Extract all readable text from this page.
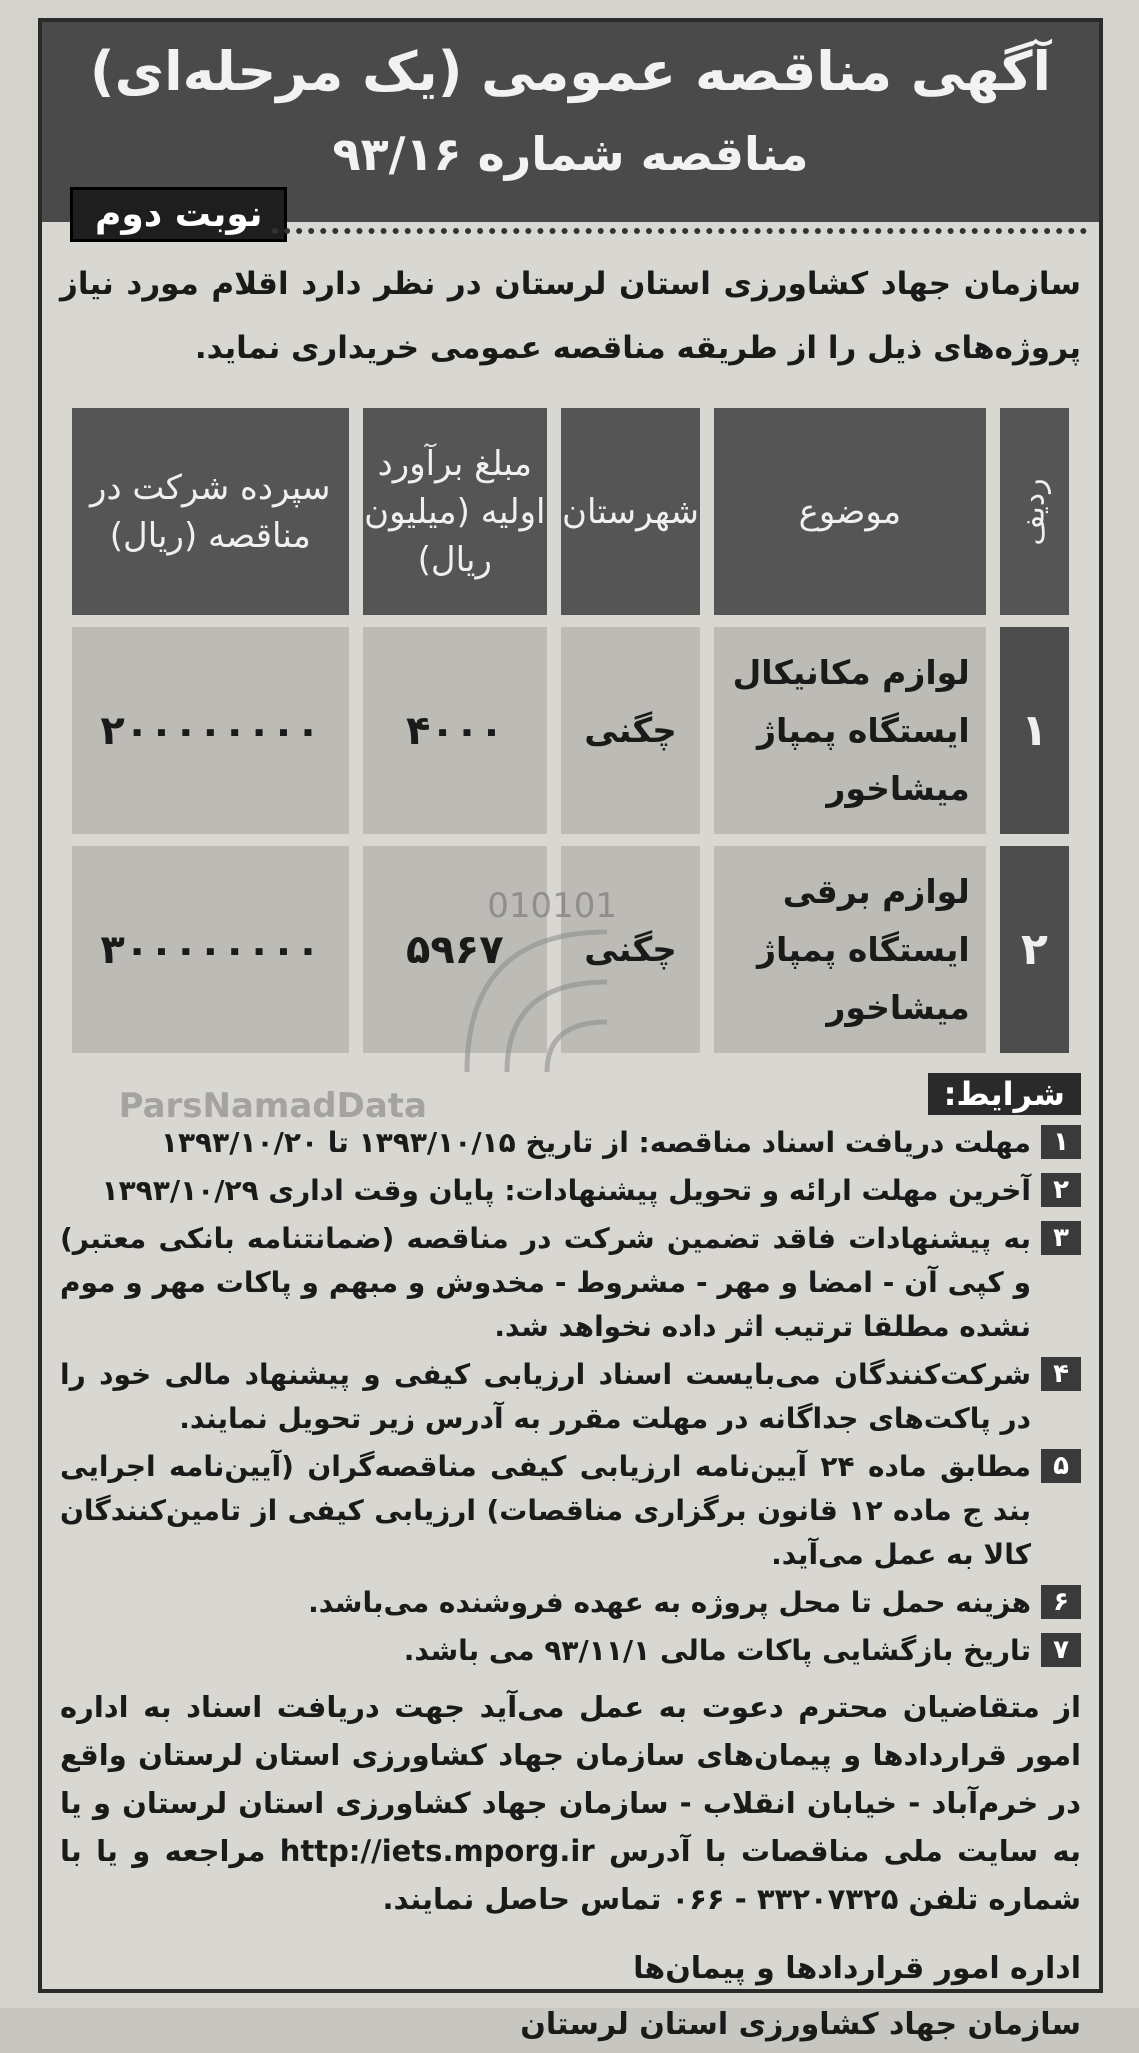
آگهی مناقصه عمومی (یک مرحله‌ای)
مناقصه شماره ۹۳/۱۶
نوبت دوم
سازمان جهاد کشاورزی استان لرستان در نظر دارد اقلام مورد نیاز پروژه‌های ذیل را از طریقه مناقصه عمومی خریداری نماید.
ردیف	موضوع	شهرستان	مبلغ برآورد اولیه (میلیون ریال)	سپرده شرکت در مناقصه (ریال)
۱	لوازم مکانیکال ایستگاه پمپاژ میشاخور	چگنی	۴۰۰۰	۲۰۰۰۰۰۰۰۰
۲	لوازم برقی ایستگاه پمپاژ میشاخور	چگنی	۵۹۶۷	۳۰۰۰۰۰۰۰۰
شرایط:
۱
مهلت دریافت اسناد مناقصه: از تاریخ ۱۳۹۳/۱۰/۱۵ تا ۱۳۹۳/۱۰/۲۰
۲
آخرین مهلت ارائه و تحویل پیشنهادات: پایان وقت اداری ۱۳۹۳/۱۰/۲۹
۳
به پیشنهادات فاقد تضمین شرکت در مناقصه (ضمانتنامه بانکی معتبر) و کپی آن - امضا و مهر - مشروط - مخدوش و مبهم و پاکات مهر و موم نشده مطلقا ترتیب اثر داده نخواهد شد.
۴
شرکت‌کنندگان می‌بایست اسناد ارزیابی کیفی و پیشنهاد مالی خود را در پاکت‌های جداگانه در مهلت مقرر به آدرس زیر تحویل نمایند.
۵
مطابق ماده ۲۴ آیین‌نامه ارزیابی کیفی مناقصه‌گران (آیین‌نامه اجرایی بند ج ماده ۱۲ قانون برگزاری مناقصات) ارزیابی کیفی از تامین‌کنندگان کالا به عمل می‌آید.
۶
هزینه حمل تا محل پروژه به عهده فروشنده می‌باشد.
۷
تاریخ بازگشایی پاکات مالی ۹۳/۱۱/۱ می باشد.
از متقاضیان محترم دعوت به عمل می‌آید جهت دریافت اسناد به اداره امور قراردادها و پیمان‌های سازمان جهاد کشاورزی استان لرستان واقع در خرم‌آباد - خیابان انقلاب - سازمان جهاد کشاورزی استان لرستان و یا به سایت ملی مناقصات با آدرس http://iets.mporg.ir مراجعه و یا با شماره تلفن ۳۳۲۰۷۳۲۵ - ۰۶۶ تماس حاصل نمایند.
اداره امور قراردادها و پیمان‌ها
سازمان جهاد کشاورزی استان لرستان
010101
ParsNamadData
